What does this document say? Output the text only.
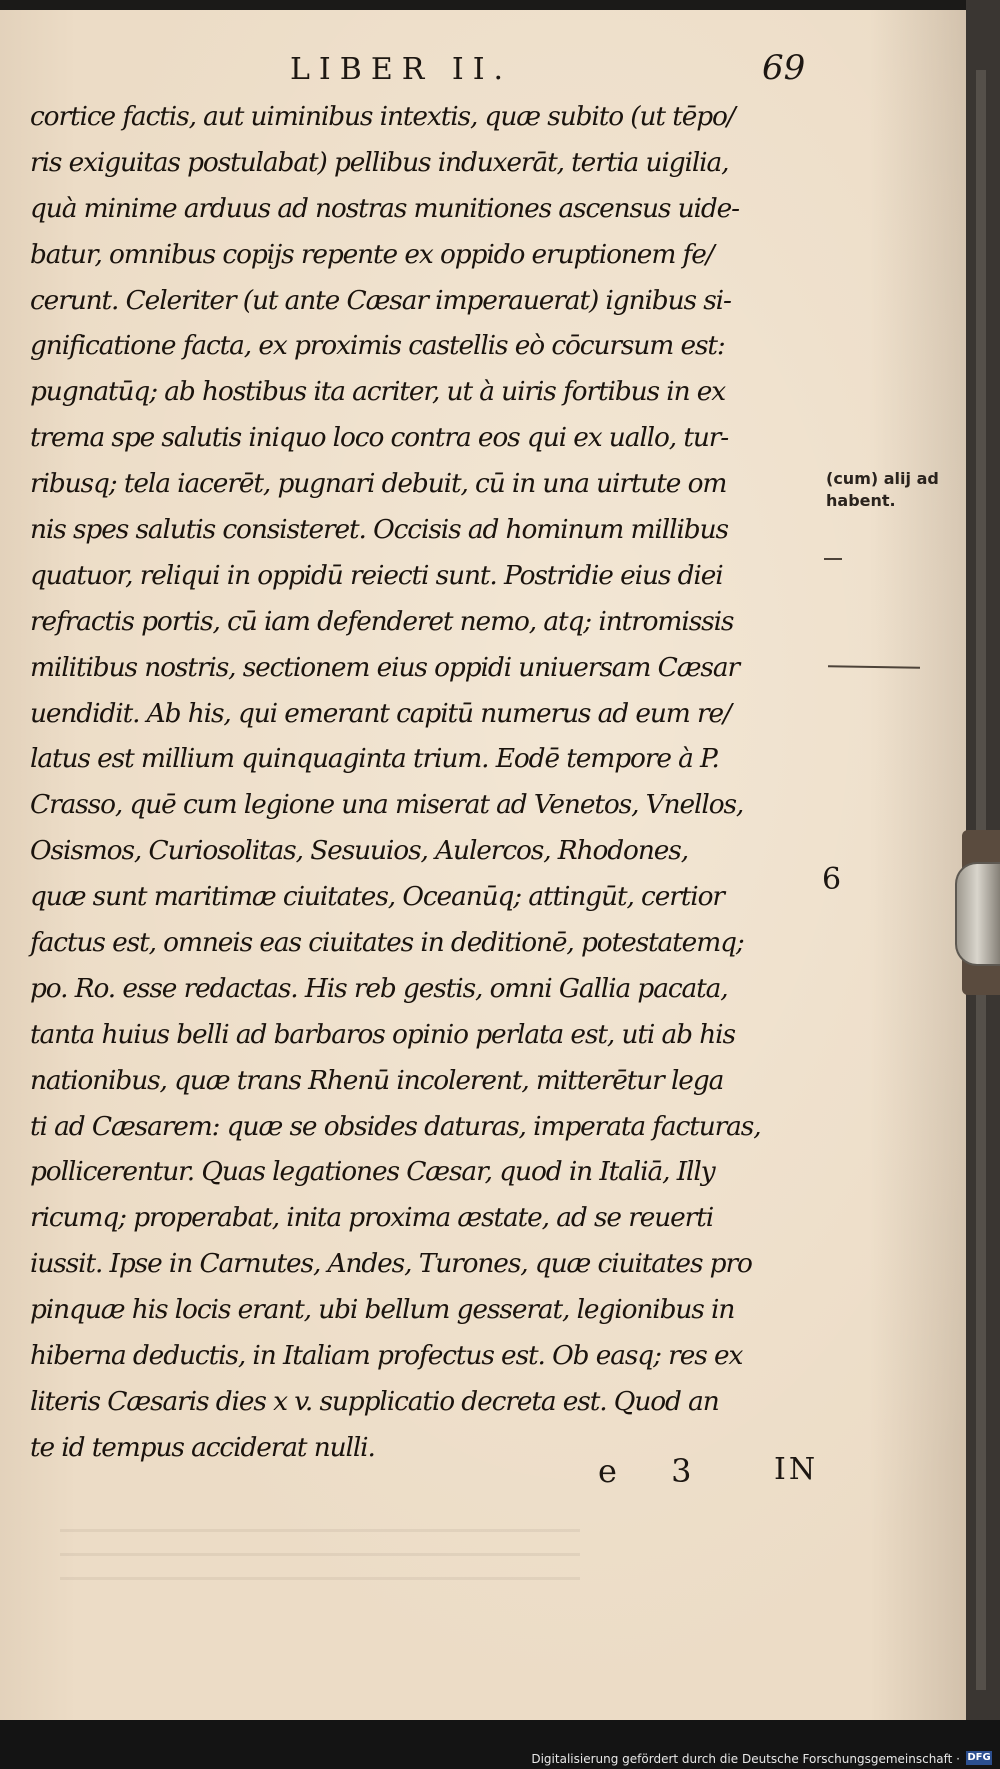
LIBER II.	69
cortice factis, aut uiminibus intextis, quæ subito (ut tēpo/
ris exiguitas postulabat) pellibus induxerāt, tertia uigilia,
quà minime arduus ad nostras munitiones ascensus uide-
batur, omnibus copijs repente ex oppido eruptionem fe/
cerunt. Celeriter (ut ante Cæsar imperauerat) ignibus si-
gnificatione facta, ex proximis castellis eò cōcursum est:
pugnatūq; ab hostibus ita acriter, ut à uiris fortibus in ex
trema spe salutis iniquo loco contra eos qui ex uallo, tur-
ribusq; tela iacerēt, pugnari debuit, cū in una uirtute om
nis spes salutis consisteret. Occisis ad hominum millibus
quatuor, reliqui in oppidū reiecti sunt. Postridie eius diei
refractis portis, cū iam defenderet nemo, atq; intromissis
militibus nostris, sectionem eius oppidi uniuersam Cæsar
uendidit. Ab his, qui emerant capitū numerus ad eum re/
latus est millium quinquaginta trium. Eodē tempore à P.
Crasso, quē cum legione una miserat ad Venetos, Vnellos,
Osismos, Curiosolitas, Sesuuios, Aulercos, Rhodones,
quæ sunt maritimæ ciuitates, Oceanūq; attingūt, certior
factus est, omneis eas ciuitates in deditionē, potestatemq;
po. Ro. esse redactas. His reb gestis, omni Gallia pacata,
tanta huius belli ad barbaros opinio perlata est, uti ab his
nationibus, quæ trans Rhenū incolerent, mitterētur lega
ti ad Cæsarem: quæ se obsides daturas, imperata facturas,
pollicerentur. Quas legationes Cæsar, quod in Italiā, Illy
ricumq; properabat, inita proxima æstate, ad se reuerti
iussit. Ipse in Carnutes, Andes, Turones, quæ ciuitates pro
pinquæ his locis erant, ubi bellum gesserat, legionibus in
hiberna deductis, in Italiam profectus est. Ob easq; res ex
literis Cæsaris dies x v. supplicatio decreta est. Quod an
te id tempus acciderat nulli.
(cum) alij ad
habent.
6
e 3 IN
Digitalisierung gefördert durch die Deutsche Forschungsgemeinschaft · DFG
